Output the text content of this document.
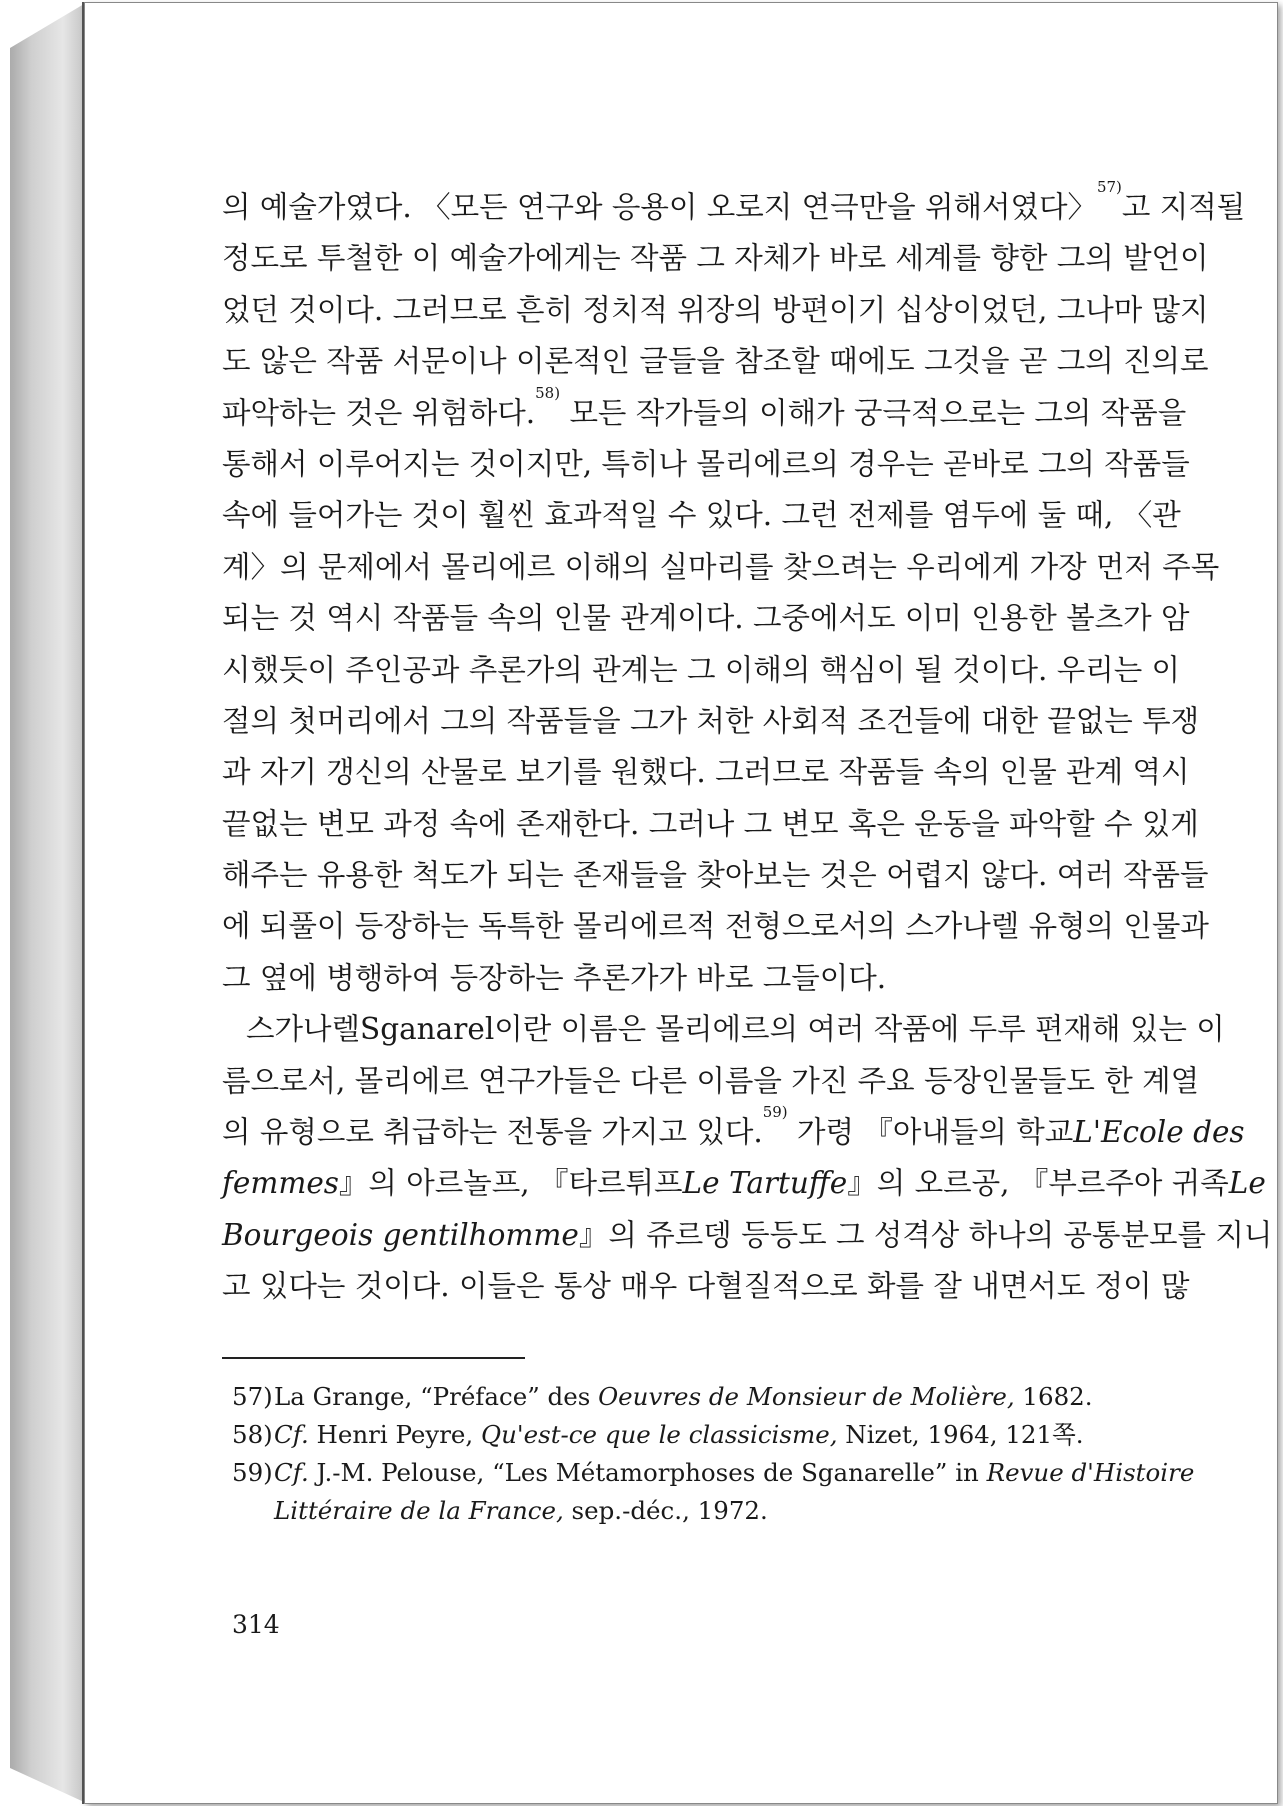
의 예술가였다. 〈모든 연구와 응용이 오로지 연극만을 위해서였다〉$^{57)}$고 지적될
정도로 투철한 이 예술가에게는 작품 그 자체가 바로 세계를 향한 그의 발언이
었던 것이다. 그러므로 흔히 정치적 위장의 방편이기 십상이었던, 그나마 많지
도 않은 작품 서문이나 이론적인 글들을 참조할 때에도 그것을 곧 그의 진의로
파악하는 것은 위험하다.$^{58)}$ 모든 작가들의 이해가 궁극적으로는 그의 작품을
통해서 이루어지는 것이지만, 특히나 몰리에르의 경우는 곧바로 그의 작품들
속에 들어가는 것이 훨씬 효과적일 수 있다. 그런 전제를 염두에 둘 때, 〈관
계〉의 문제에서 몰리에르 이해의 실마리를 찾으려는 우리에게 가장 먼저 주목
되는 것 역시 작품들 속의 인물 관계이다. 그중에서도 이미 인용한 볼츠가 암
시했듯이 주인공과 추론가의 관계는 그 이해의 핵심이 될 것이다. 우리는 이
절의 첫머리에서 그의 작품들을 그가 처한 사회적 조건들에 대한 끝없는 투쟁
과 자기 갱신의 산물로 보기를 원했다. 그러므로 작품들 속의 인물 관계 역시
끝없는 변모 과정 속에 존재한다. 그러나 그 변모 혹은 운동을 파악할 수 있게
해주는 유용한 척도가 되는 존재들을 찾아보는 것은 어렵지 않다. 여러 작품들
에 되풀이 등장하는 독특한 몰리에르적 전형으로서의 스가나렐 유형의 인물과
그 옆에 병행하여 등장하는 추론가가 바로 그들이다.
스가나렐Sganarel이란 이름은 몰리에르의 여러 작품에 두루 편재해 있는 이
름으로서, 몰리에르 연구가들은 다른 이름을 가진 주요 등장인물들도 한 계열
의 유형으로 취급하는 전통을 가지고 있다.$^{59)}$ 가령 『아내들의 학교L'Ecole des
femmes』의 아르놀프, 『타르튀프Le Tartuffe』의 오르공, 『부르주아 귀족Le
Bourgeois gentilhomme』의 쥬르뎅 등등도 그 성격상 하나의 공통분모를 지니
고 있다는 것이다. 이들은 통상 매우 다혈질적으로 화를 잘 내면서도 정이 많
57)La Grange, “Préface” des Oeuvres de Monsieur de Molière, 1682.
58)Cf. Henri Peyre, Qu'est-ce que le classicisme, Nizet, 1964, 121쪽.
59)Cf. J.-M. Pelouse, “Les Métamorphoses de Sganarelle” in Revue d'Histoire
Littéraire de la France, sep.-déc., 1972.
314
